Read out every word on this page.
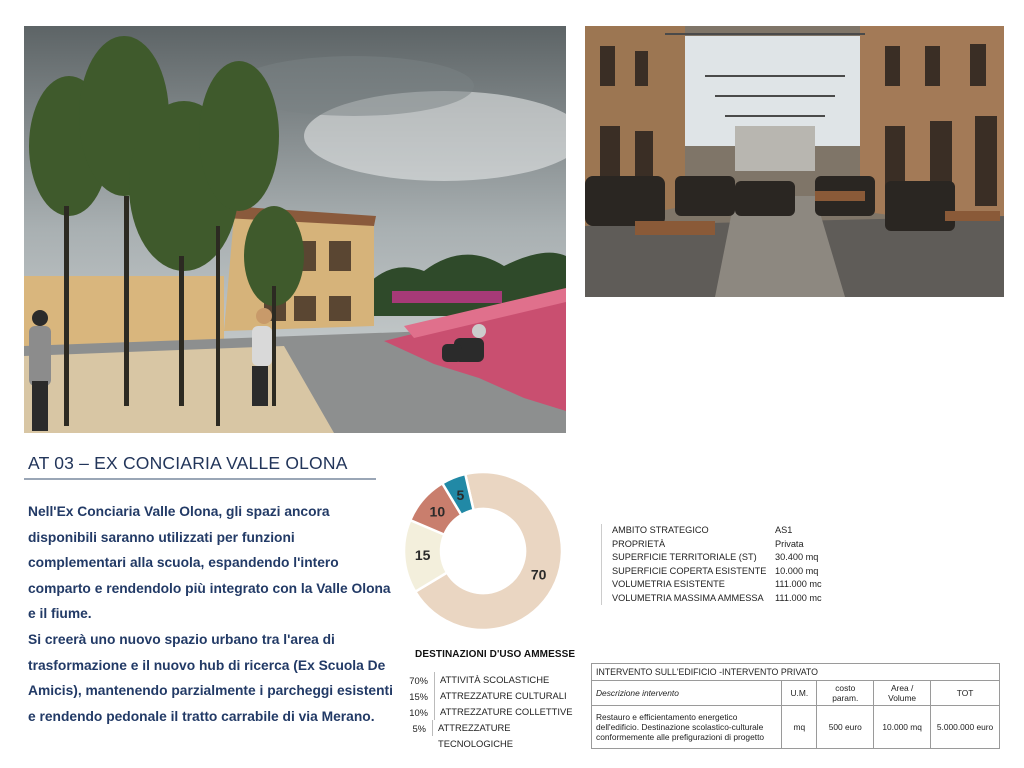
AT 03 – EX CONCIARIA VALLE OLONA

Nell'Ex Conciaria Valle Olona, gli spazi ancora disponibili saranno utilizzati per funzioni complementari alla scuola, espandendo l'intero comparto e rendendolo più integrato con la Valle Olona e il fiume.

Si creerà uno nuovo spazio urbano tra l'area di trasformazione e il nuovo hub di ricerca (Ex Scuola De Amicis), mantenendo parzialmente i parcheggi esistenti e rendendo pedonale il tratto carrabile di via Merano.

70
15
10
5
DESTINAZIONI D'USO AMMESSE
70%	ATTIVITÀ SCOLASTICHE
15%	ATTREZZATURE CULTURALI
10%	ATTREZZATURE COLLETTIVE
5%	ATTREZZATURE TECNOLOGICHE
AMBITO STRATEGICO	AS1
PROPRIETÀ	Privata
SUPERFICIE TERRITORIALE (ST)	30.400 mq
SUPERFICIE COPERTA ESISTENTE 10.000 mq
VOLUMETRIA ESISTENTE	111.000 mc
VOLUMETRIA MASSIMA AMMESSA	111.000 mc
INTERVENTO SULL'EDIFICIO -INTERVENTO PRIVATO				
Descrizione intervento	U.M.	costo param.	Area / Volume	TOT
Restauro e efficientamento energetico dell'edificio. Destinazione scolastico-culturale conformemente alle prefigurazioni di progetto	mq	500 euro	10.000 mq	5.000.000 euro
